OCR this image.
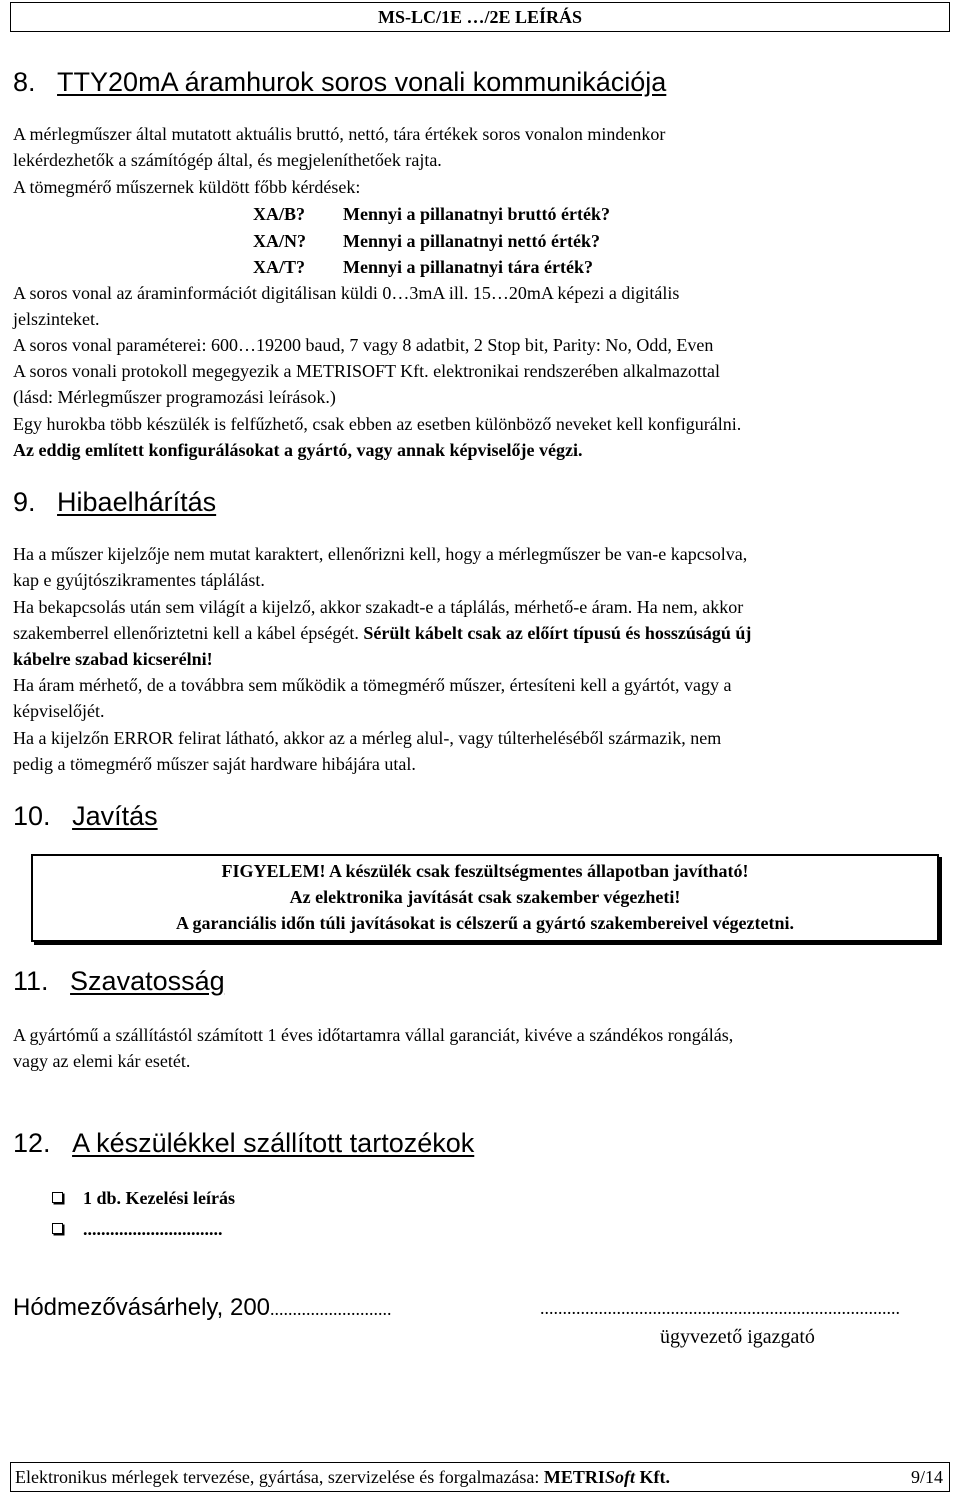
MS-LC/1E …/2E LEÍRÁS
8. TTY20mA áramhurok soros vonali kommunikációja
A mérlegműszer által mutatott aktuális bruttó, nettó, tára értékek soros vonalon mindenkor
lekérdezhetők a számítógép által, és megjeleníthetőek rajta.
A tömegmérő műszernek küldött főbb kérdések:
XA/B? Mennyi a pillanatnyi bruttó érték?
XA/N? Mennyi a pillanatnyi nettó érték?
XA/T? Mennyi a pillanatnyi tára érték?
A soros vonal az áraminformációt digitálisan küldi 0…3mA ill. 15…20mA képezi a digitális
jelszinteket.
A soros vonal paraméterei: 600…19200 baud, 7 vagy 8 adatbit, 2 Stop bit, Parity: No, Odd, Even
A soros vonali protokoll megegyezik a METRISOFT Kft. elektronikai rendszerében alkalmazottal
(lásd: Mérlegműszer programozási leírások.)
Egy hurokba több készülék is felfűzhető, csak ebben az esetben különböző neveket kell konfigurálni.
Az eddig említett konfigurálásokat a gyártó, vagy annak képviselője végzi.
9. Hibaelhárítás
Ha a műszer kijelzője nem mutat karaktert, ellenőrizni kell, hogy a mérlegműszer be van-e kapcsolva,
kap e gyújtószikramentes táplálást.
Ha bekapcsolás után sem világít a kijelző, akkor szakadt-e a táplálás, mérhető-e áram. Ha nem, akkor
szakemberrel ellenőriztetni kell a kábel épségét. Sérült kábelt csak az előírt típusú és hosszúságú új
kábelre szabad kicserélni!
Ha áram mérhető, de a továbbra sem működik a tömegmérő műszer, értesíteni kell a gyártót, vagy a
képviselőjét.
Ha a kijelzőn ERROR felirat látható, akkor az a mérleg alul-, vagy túlterheléséből származik, nem
pedig a tömegmérő műszer saját hardware hibájára utal.
10. Javítás
FIGYELEM! A készülék csak feszültségmentes állapotban javítható!
Az elektronika javítását csak szakember végezheti!
A garanciális időn túli javításokat is célszerű a gyártó szakembereivel végeztetni.
11. Szavatosság
A gyártómű a szállítástól számított 1 éves időtartamra vállal garanciát, kivéve a szándékos rongálás,
vagy az elemi kár esetét.
12. A készülékkel szállított tartozékok
1 db. Kezelési leírás
...............................
Hódmezővásárhely, 200...........................	................................................................................
ügyvezető igazgató
Elektronikus mérlegek tervezése, gyártása, szervizelése és forgalmazása: METRISoft Kft.	9/14
